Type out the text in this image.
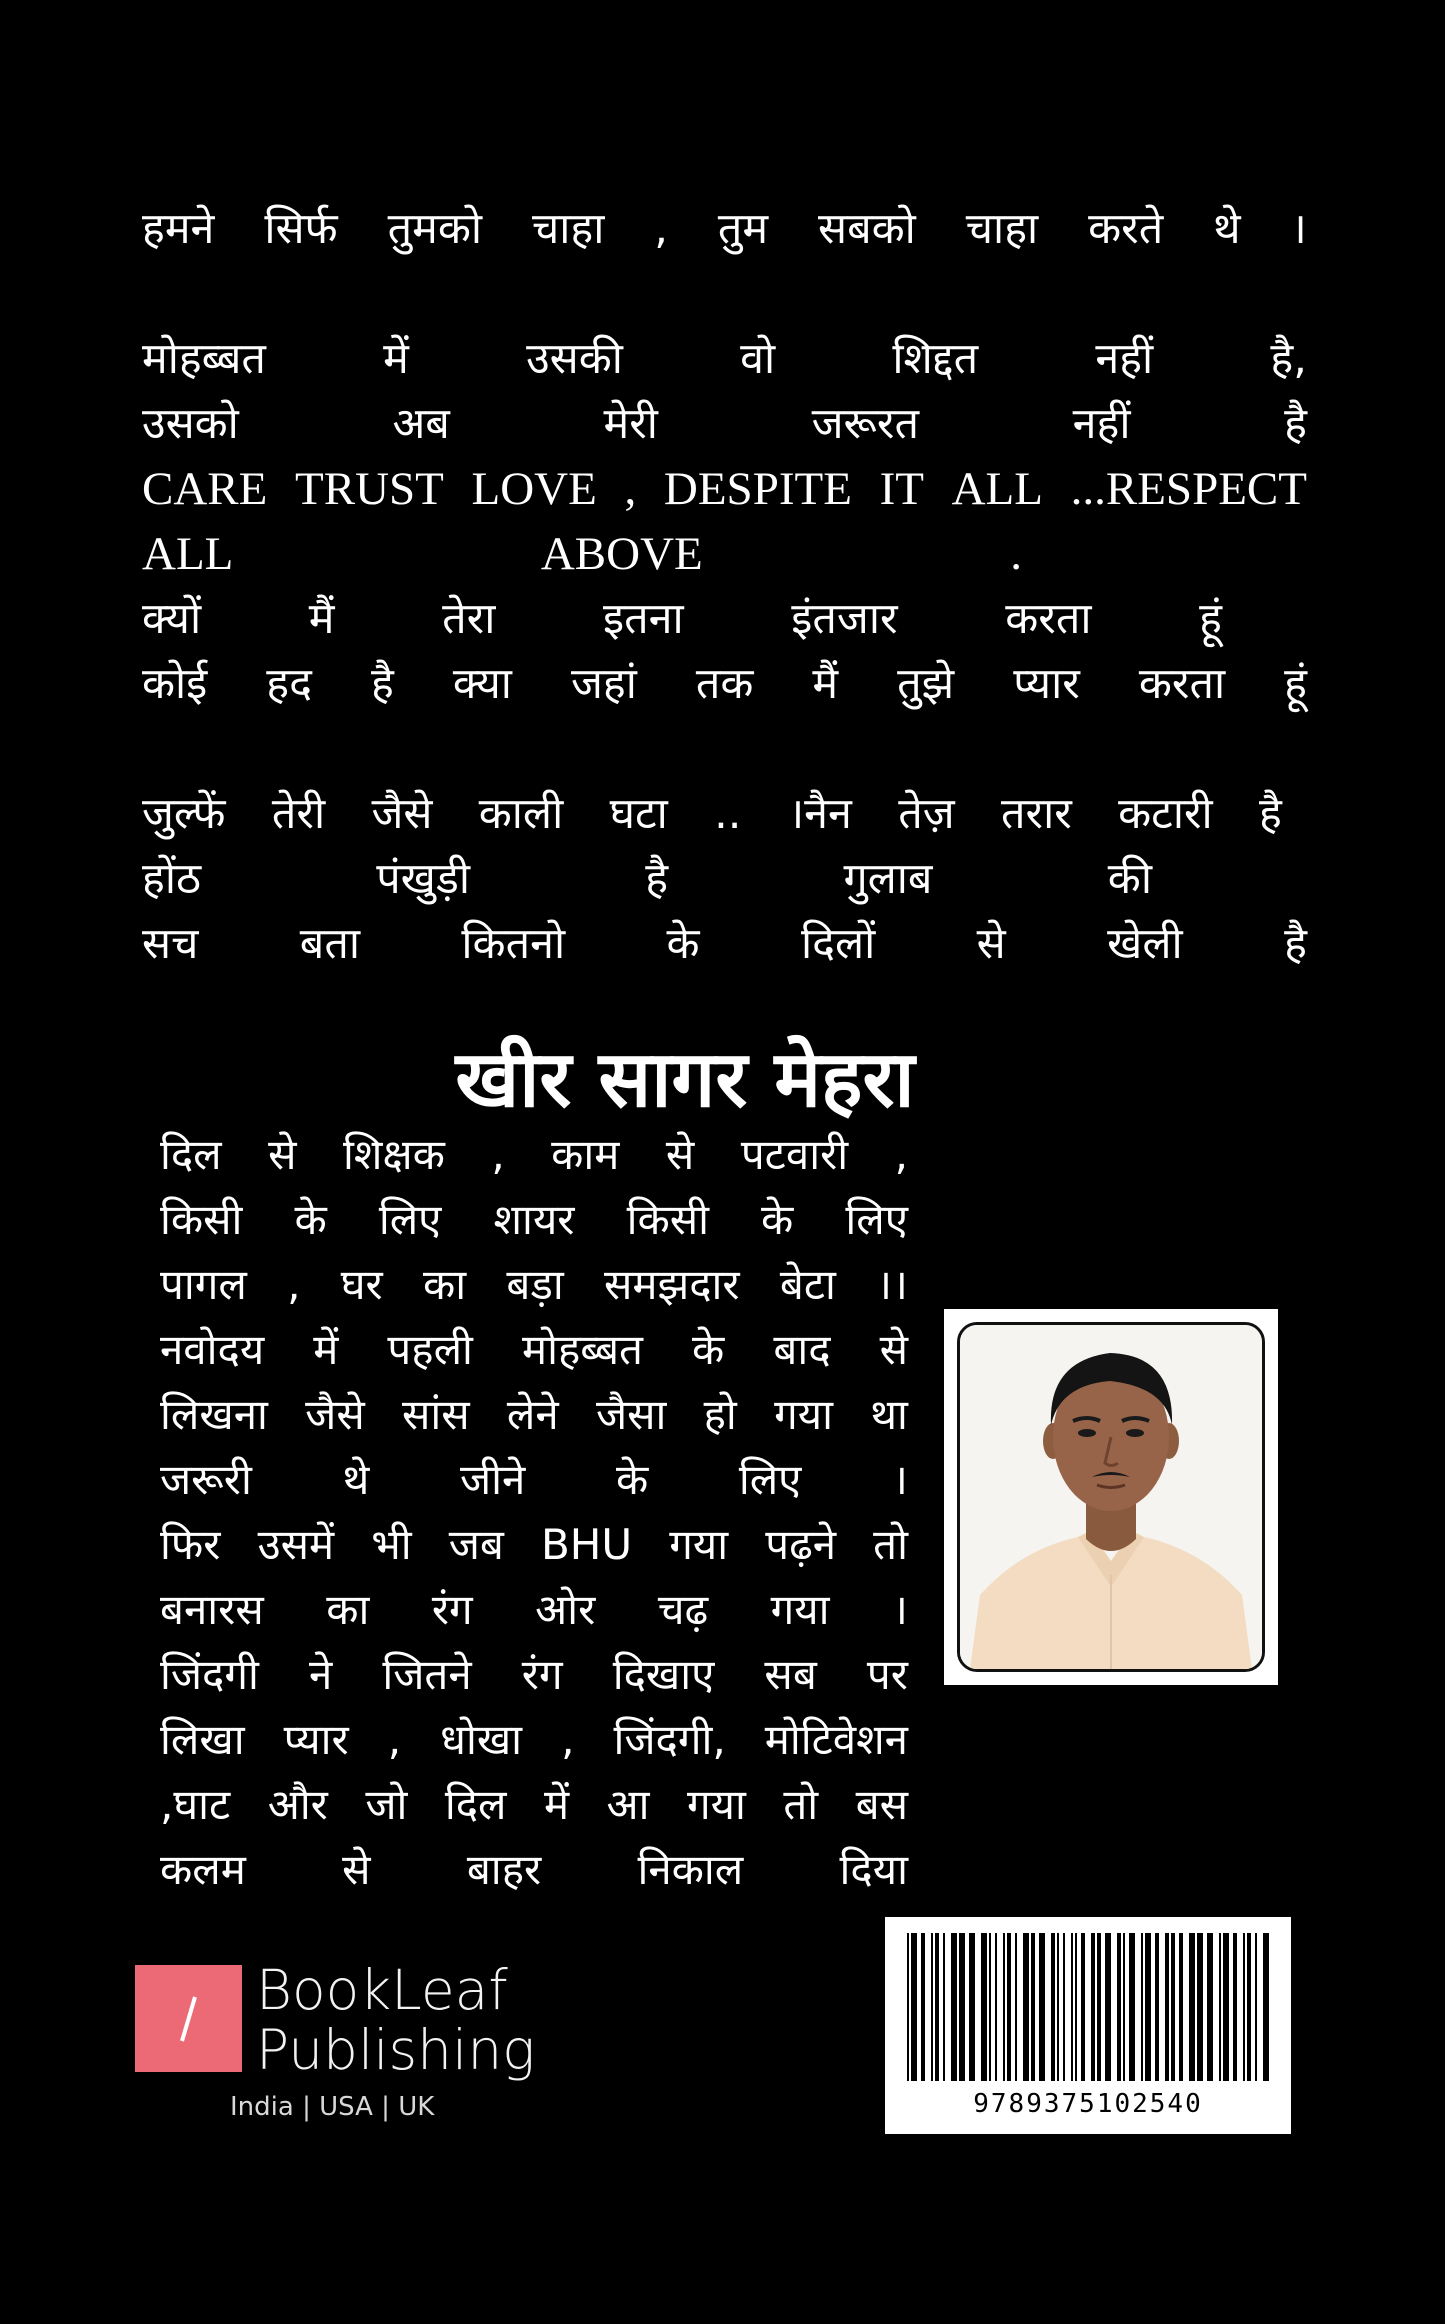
हमने सिर्फ तुमको चाहा , तुम सबको चाहा करते थे ।
मोहब्बत	में	उसकी	वो	शिद्दत	नहीं	है,
उसको	अब	मेरी	जरूरत	नहीं	है
CARE TRUST LOVE , DESPITE IT ALL ...RESPECT
ALL	ABOVE	.
क्यों	मैं	तेरा	इतना	इंतजार	करता	हूं
कोई हद है क्या जहां तक मैं तुझे प्यार करता हूं
जुल्फें तेरी जैसे काली घटा .. ।नैन तेज़ तरार कटारी है
होंठ	पंखुड़ी	है	गुलाब	की
सच बता कितनो के दिलों से खेली है
खीर सागर मेहरा
दिल से शिक्षक , काम से पटवारी ,
किसी के लिए शायर किसी के लिए
पागल , घर का बड़ा समझदार बेटा ।।
नवोदय में पहली मोहब्बत के बाद से
लिखना जैसे सांस लेने जैसा हो गया था
जरूरी थे जीने के लिए ।
फिर उसमें भी जब BHU गया पढ़ने तो
बनारस का रंग ओर चढ़ गया ।
जिंदगी ने जितने रंग दिखाए सब पर
लिखा प्यार , धोखा , जिंदगी, मोटिवेशन
,घाट और जो दिल में आ गया तो बस
कलम से बाहर निकाल दिया
9789375102540
BookLeaf
Publishing
India | USA | UK
